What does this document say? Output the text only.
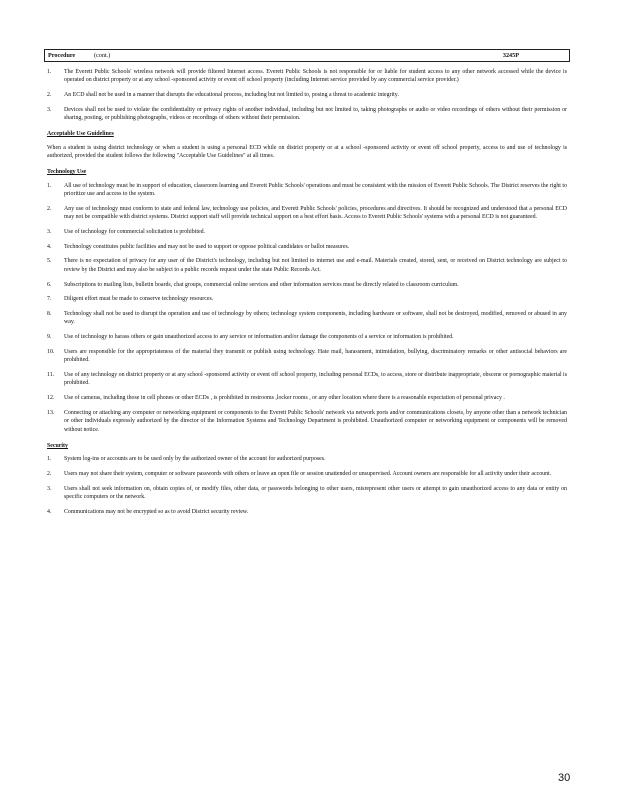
Procedure	(cont.)	3245P
1.	The Everett Public Schools' wireless network will provide filtered Internet access. Everett Public Schools is not responsible for or liable for student access to any other network accessed while the device is operated on district property or at any school -sponsored activity or event off school property (including Internet service provided by any commercial service provider.)
2.	An ECD shall not be used in a manner that disrupts the educational process, including but not limited to, posing a threat to academic integrity.
3.	Devices shall not be used to violate the confidentiality or privacy rights of another individual, including but not limited to, taking photographs or audio or video recordings of others without their permission or sharing, posting, or publishing photographs, videos or recordings of others without their permission.
Acceptable Use Guidelines

When a student is using district technology or when a student is using a personal ECD while on district property or at a school -sponsored activity or event off school property, access to and use of technology is authorized, provided the student follows the following "Acceptable Use Guidelines" at all times.

Technology Use
1.	All use of technology must be in support of education, classroom learning and Everett Public Schools' operations and must be consistent with the mission of Everett Public Schools. The District reserves the right to prioritize use and access to the system.
2.	Any use of technology must conform to state and federal law, technology use policies, and Everett Public Schools' policies, procedures and directives. It should be recognized and understood that a personal ECD may not be compatible with district systems. District support staff will provide technical support on a best effort basis. Access to Everett Public Schools' systems with a personal ECD is not guaranteed.
3.	Use of technology for commercial solicitation is prohibited.
4.	Technology constitutes public facilities and may not be used to support or oppose political candidates or ballot measures.
5.	There is no expectation of privacy for any user of the District's technology, including but not limited to internet use and e-mail. Materials created, stored, sent, or received on District technology are subject to review by the District and may also be subject to a public records request under the state Public Records Act.
6.	Subscriptions to mailing lists, bulletin boards, chat groups, commercial online services and other information services must be directly related to classroom curriculum.
7.	Diligent effort must be made to conserve technology resources.
8.	Technology shall not be used to disrupt the operation and use of technology by others; technology system components, including hardware or software, shall not be destroyed, modified, removed or abused in any way.
9.	Use of technology to harass others or gain unauthorized access to any service or information and/or damage the components of a service or information is prohibited.
10.	Users are responsible for the appropriateness of the material they transmit or publish using technology. Hate mail, harassment, intimidation, bullying, discriminatory remarks or other antisocial behaviors are prohibited.
11.	Use of any technology on district property or at any school -sponsored activity or event off school property, including personal ECDs, to access, store or distribute inappropriate, obscene or pornographic material is prohibited.
12.	Use of cameras, including those in cell phones or other ECDs , is prohibited in restrooms ,locker rooms , or any other location where there is a reasonable expectation of personal privacy .
13.	Connecting or attaching any computer or networking equipment or components to the Everett Public Schools' network via network ports and/or communications closets, by anyone other than a network technician or other individuals expressly authorized by the director of the Information Systems and Technology Department is prohibited. Unauthorized computer or networking equipment or components will be removed without notice.
Security
1.	System log-ins or accounts are to be used only by the authorized owner of the account for authorized purposes.
2.	Users may not share their system, computer or software passwords with others or leave an open file or session unattended or unsupervised. Account owners are responsible for all activity under their account.
3.	Users shall not seek information on, obtain copies of, or modify files, other data, or passwords belonging to other users, misrepresent other users or attempt to gain unauthorized access to any data or entity on specific computers or the network.
4.	Communications may not be encrypted so as to avoid District security review.
30
